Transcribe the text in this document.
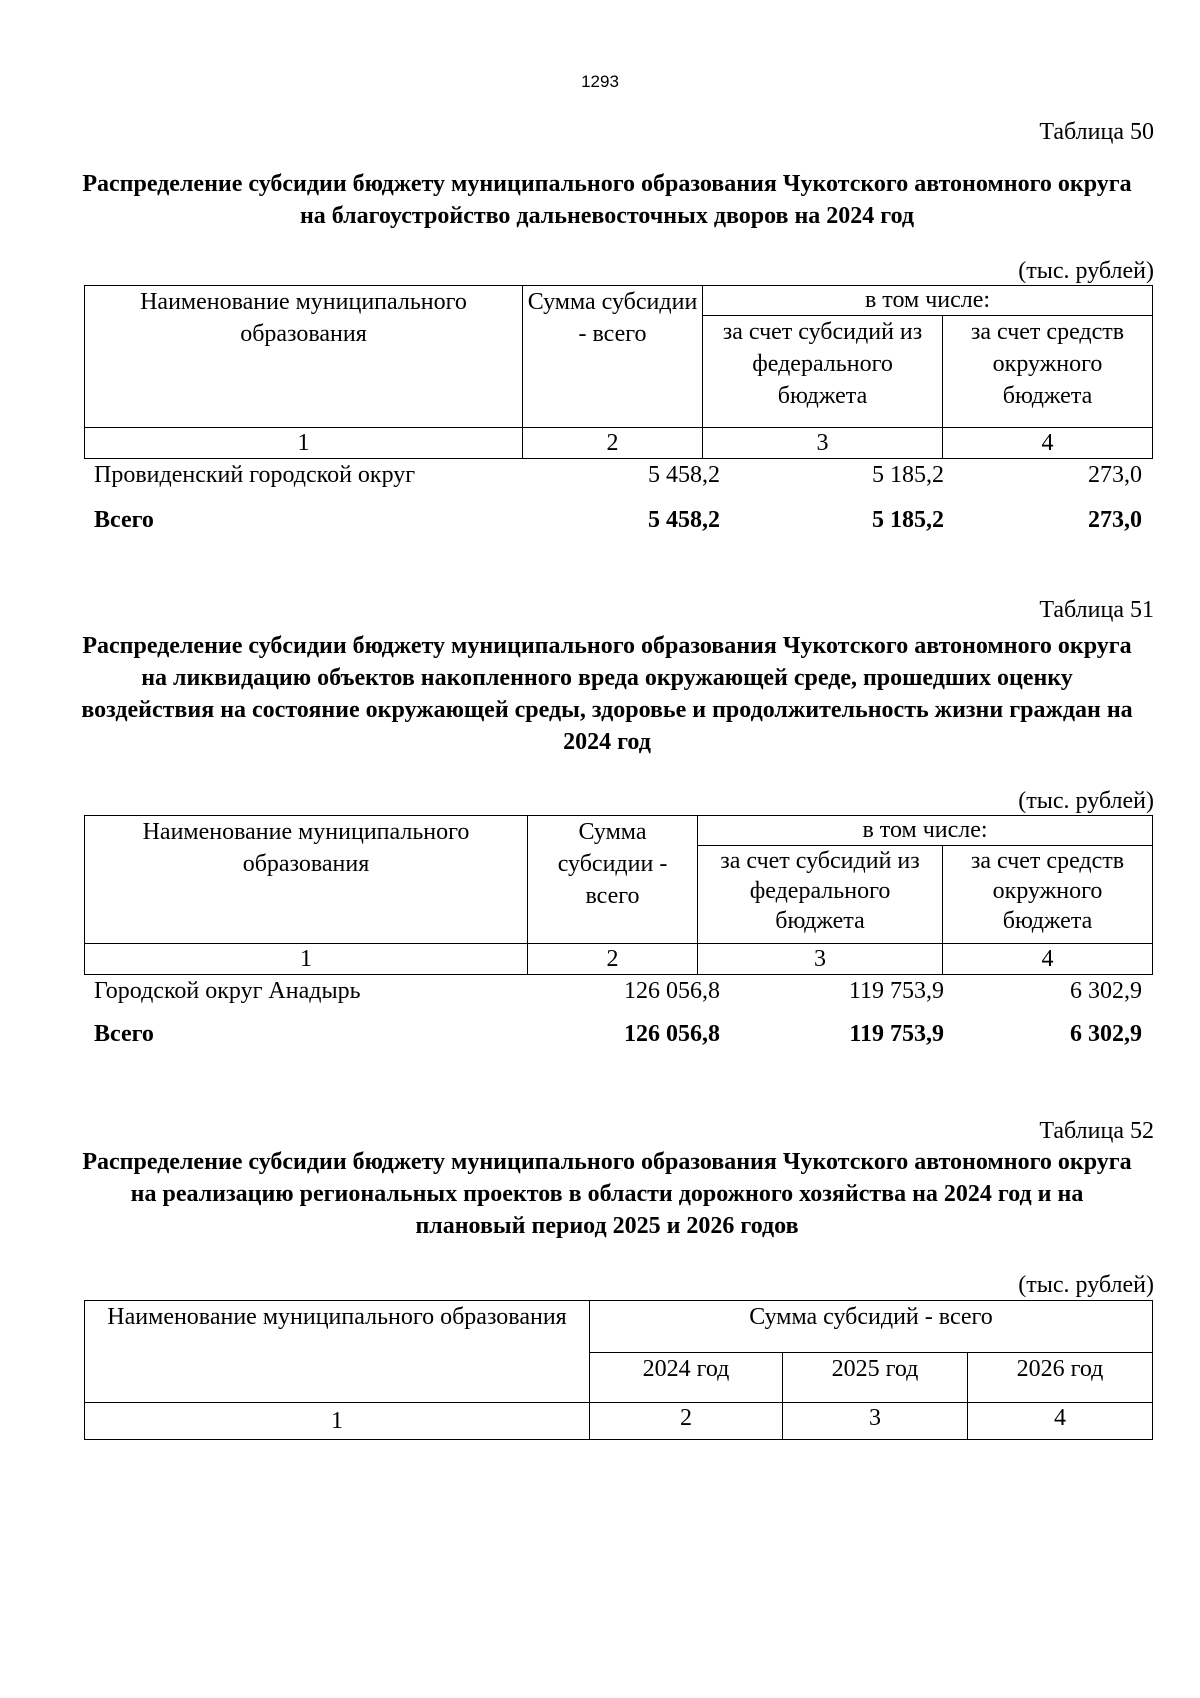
1293
Таблица 50
Распределение субсидии бюджету муниципального образования Чукотского автономного округа на благоустройство дальневосточных дворов на 2024 год
(тыс. рублей)
Наименование муниципального образования	Сумма субсидии - всего	в том числе:	
		за счет субсидий из федерального бюджета	за счет средств окружного бюджета
1	2	3	4
Провиденский городской округ	5 458,2	5 185,2	273,0
Всего	5 458,2	5 185,2	273,0
Таблица 51
Распределение субсидии бюджету муниципального образования Чукотского автономного округа на ликвидацию объектов накопленного вреда окружающей среде, прошедших оценку воздействия на состояние окружающей среды, здоровье и продолжительность жизни граждан на 2024 год
(тыс. рублей)
Наименование муниципального образования	Сумма субсидии - всего	в том числе:	
		за счет субсидий из федерального бюджета	за счет средств окружного бюджета
1	2	3	4
Городской округ Анадырь	126 056,8	119 753,9	6 302,9
Всего	126 056,8	119 753,9	6 302,9
Таблица 52
Распределение субсидии бюджету муниципального образования Чукотского автономного округа на реализацию региональных проектов в области дорожного хозяйства на 2024 год и на плановый период 2025 и 2026 годов
(тыс. рублей)
Наименование муниципального образования	Сумма субсидий - всего		
	2024 год	2025 год	2026 год
1	2	3	4
